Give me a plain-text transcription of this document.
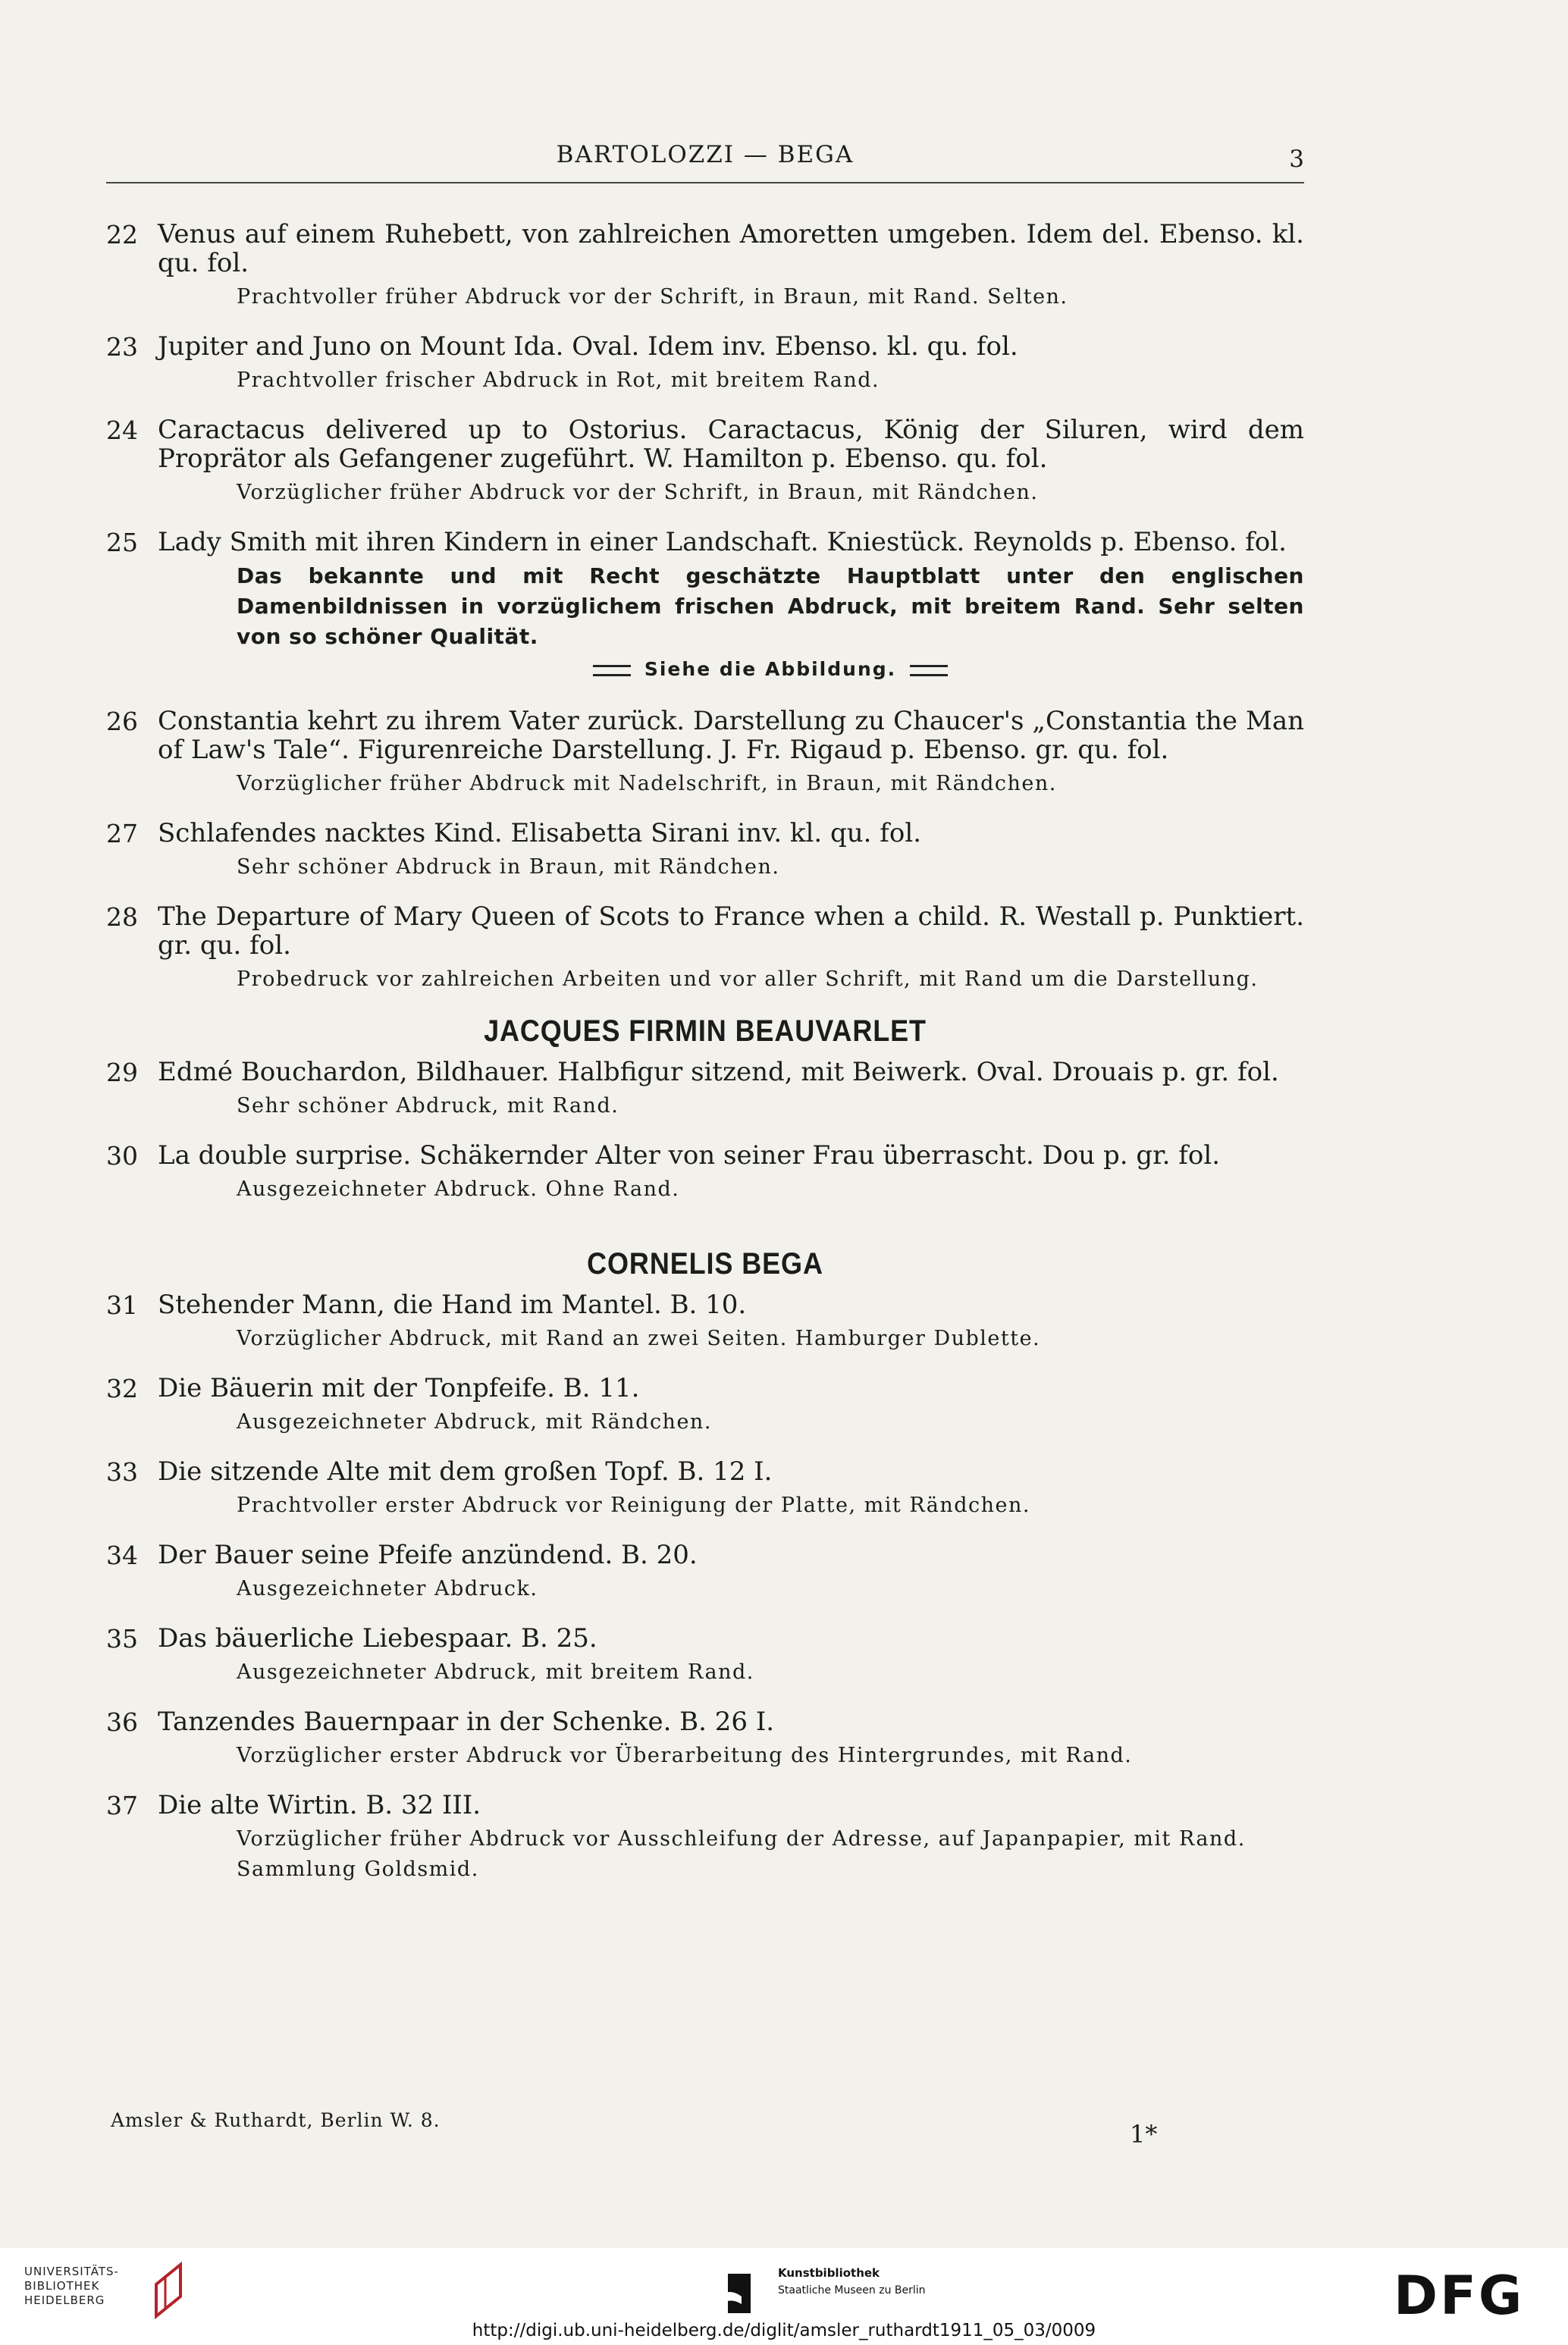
BARTOLOZZI — BEGA	3
22 Venus auf einem Ruhebett, von zahlreichen Amoretten umgeben. Idem del. Ebenso. kl. qu. fol.
Prachtvoller früher Abdruck vor der Schrift, in Braun, mit Rand. Selten.
23 Jupiter and Juno on Mount Ida. Oval. Idem inv. Ebenso. kl. qu. fol.
Prachtvoller frischer Abdruck in Rot, mit breitem Rand.
24 Caractacus delivered up to Ostorius. Caractacus, König der Siluren, wird dem Proprätor als Gefangener zugeführt. W. Hamilton p. Ebenso. qu. fol.
Vorzüglicher früher Abdruck vor der Schrift, in Braun, mit Rändchen.
25 Lady Smith mit ihren Kindern in einer Landschaft. Kniestück. Reynolds p. Ebenso. fol.
Das bekannte und mit Recht geschätzte Hauptblatt unter den englischen Damenbildnissen in vorzüglichem frischen Abdruck, mit breitem Rand. Sehr selten von so schöner Qualität.
Siehe die Abbildung.
26 Constantia kehrt zu ihrem Vater zurück. Darstellung zu Chaucer's „Constantia the Man of Law's Tale“. Figurenreiche Darstellung. J. Fr. Rigaud p. Ebenso. gr. qu. fol.
Vorzüglicher früher Abdruck mit Nadelschrift, in Braun, mit Rändchen.
27 Schlafendes nacktes Kind. Elisabetta Sirani inv. kl. qu. fol.
Sehr schöner Abdruck in Braun, mit Rändchen.
28 The Departure of Mary Queen of Scots to France when a child. R. Westall p. Punktiert. gr. qu. fol.
Probedruck vor zahlreichen Arbeiten und vor aller Schrift, mit Rand um die Darstellung.
JACQUES FIRMIN BEAUVARLET
29 Edmé Bouchardon, Bildhauer. Halbfigur sitzend, mit Beiwerk. Oval. Drouais p. gr. fol.
Sehr schöner Abdruck, mit Rand.
30 La double surprise. Schäkernder Alter von seiner Frau überrascht. Dou p. gr. fol.
Ausgezeichneter Abdruck. Ohne Rand.
CORNELIS BEGA
31 Stehender Mann, die Hand im Mantel. B. 10.
Vorzüglicher Abdruck, mit Rand an zwei Seiten. Hamburger Dublette.
32 Die Bäuerin mit der Tonpfeife. B. 11.
Ausgezeichneter Abdruck, mit Rändchen.
33 Die sitzende Alte mit dem großen Topf. B. 12 I.
Prachtvoller erster Abdruck vor Reinigung der Platte, mit Rändchen.
34 Der Bauer seine Pfeife anzündend. B. 20.
Ausgezeichneter Abdruck.
35 Das bäuerliche Liebespaar. B. 25.
Ausgezeichneter Abdruck, mit breitem Rand.
36 Tanzendes Bauernpaar in der Schenke. B. 26 I.
Vorzüglicher erster Abdruck vor Überarbeitung des Hintergrundes, mit Rand.
37 Die alte Wirtin. B. 32 III.
Vorzüglicher früher Abdruck vor Ausschleifung der Adresse, auf Japanpapier, mit Rand. Sammlung Goldsmid.
Amsler & Ruthardt, Berlin W. 8.	1*
UNIVERSITÄTS-
BIBLIOTHEK
HEIDELBERG
Kunstbibliothek
Staatliche Museen zu Berlin	DFG
http://digi.ub.uni-heidelberg.de/diglit/amsler_ruthardt1911_05_03/0009
